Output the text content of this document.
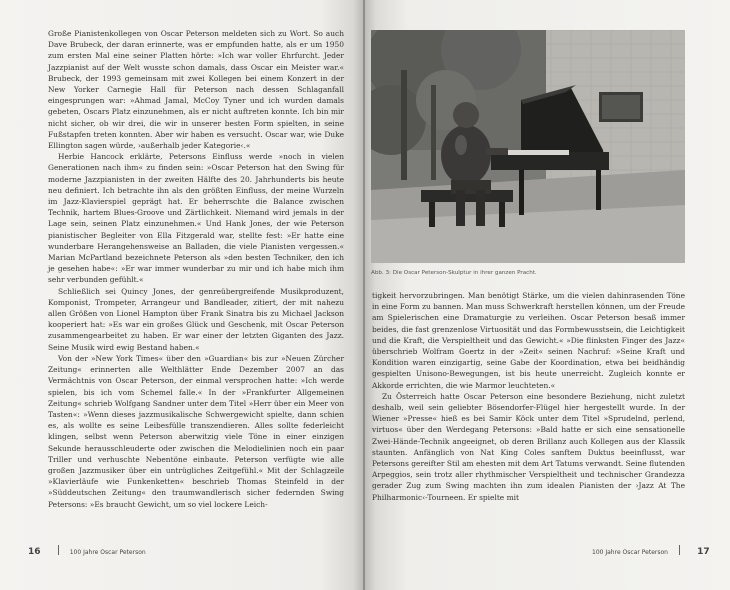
Große Pianistenkollegen von Oscar Peterson meldeten sich zu Wort. So auch Dave Brubeck, der daran erinnerte, was er empfunden hatte, als er um 1950 zum ersten Mal eine seiner Platten hörte: »Ich war voller Ehrfurcht. Jeder Jazzpianist auf der Welt wusste schon damals, dass Oscar ein Meister war.« Brubeck, der 1993 gemeinsam mit zwei Kollegen bei einem Konzert in der New Yorker Carnegie Hall für Peterson nach dessen Schlaganfall eingesprungen war: »Ahmad Jamal, McCoy Tyner und ich wurden damals gebeten, Oscars Platz einzunehmen, als er nicht auftreten konnte. Ich bin mir nicht sicher, ob wir drei, die wir in unserer besten Form spielten, in seine Fußstapfen treten konnten. Aber wir haben es versucht. Oscar war, wie Duke Ellington sagen würde, ›außerhalb jeder Kategorie‹.«

Herbie Hancock erklärte, Petersons Einfluss werde »noch in vielen Generationen nach ihm« zu finden sein: »Oscar Peterson hat den Swing für moderne Jazzpianisten in der zweiten Hälfte des 20. Jahrhunderts bis heute neu definiert. Ich betrachte ihn als den größten Einfluss, der meine Wurzeln im Jazz-Klavierspiel geprägt hat. Er beherrschte die Balance zwischen Technik, hartem Blues-Groove und Zärtlichkeit. Niemand wird jemals in der Lage sein, seinen Platz einzunehmen.« Und Hank Jones, der wie Peterson pianistischer Begleiter von Ella Fitzgerald war, stellte fest: »Er hatte eine wunderbare Herangehensweise an Balladen, die viele Pianisten vergessen.« Marian McPartland bezeichnete Peterson als »den besten Techniker, den ich je gesehen habe«: »Er war immer wunderbar zu mir und ich habe mich ihm sehr verbunden gefühlt.«

Schließlich sei Quincy Jones, der genreübergreifende Musikproduzent, Komponist, Trompeter, Arrangeur und Bandleader, zitiert, der mit nahezu allen Größen von Lionel Hampton über Frank Sinatra bis zu Michael Jackson kooperiert hat: »Es war ein großes Glück und Geschenk, mit Oscar Peterson zusammengearbeitet zu haben. Er war einer der letzten Giganten des Jazz. Seine Musik wird ewig Bestand haben.«

Von der »New York Times« über den »Guardian« bis zur »Neuen Zürcher Zeitung« erinnerten alle Welthlätter Ende Dezember 2007 an das Vermächtnis von Oscar Peterson, der einmal versprochen hatte: »Ich werde spielen, bis ich vom Schemel falle.« In der »Frankfurter Allgemeinen Zeitung« schrieb Wolfgang Sandner unter dem Titel »Herr über ein Meer von Tasten«: »Wenn dieses jazzmusikalische Schwergewicht spielte, dann schien es, als wollte es seine Leibesfülle transzendieren. Alles sollte federleicht klingen, selbst wenn Peterson aberwitzig viele Töne in einer einzigen Sekunde herausschleuderte oder zwischen die Melodielinien noch ein paar Triller und verhuschte Nebentöne einbaute. Peterson verfügte wie alle großen Jazzmusiker über ein untrügliches Zeitgefühl.« Mit der Schlagzeile »Klavierläufe wie Funkenketten« beschrieb Thomas Steinfeld in der »Süddeutschen Zeitung« den traumwandlerisch sicher federnden Swing Petersons: »Es braucht Gewicht, um so viel lockere Leich-

16	100 Jahre Oscar Peterson
Abb. 3: Die Oscar Peterson-Skulptur in ihrer ganzen Pracht.

tigkeit hervorzubringen. Man benötigt Stärke, um die vielen dahinrasenden Töne in eine Form zu bannen. Man muss Schwerkraft herstellen können, um der Freude am Spielerischen eine Dramaturgie zu verleihen. Oscar Peterson besaß immer beides, die fast grenzenlose Virtuosität und das Formbewusstsein, die Leichtigkeit und die Kraft, die Verspieltheit und das Gewicht.« »Die flinksten Finger des Jazz« überschrieb Wolfram Goertz in der »Zeit« seinen Nachruf: »Seine Kraft und Kondition waren einzigartig, seine Gabe der Koordination, etwa bei beidhändig gespielten Unisono-Bewegungen, ist bis heute unerreicht. Zugleich konnte er Akkorde errichten, die wie Marmor leuchteten.«

Zu Österreich hatte Oscar Peterson eine besondere Beziehung, nicht zuletzt deshalb, weil sein geliebter Bösendorfer-Flügel hier hergestellt wurde. In der Wiener »Presse« hieß es bei Samir Köck unter dem Titel »Sprudelnd, perlend, virtuos« über den Werdegang Petersons: »Bald hatte er sich eine sensationelle Zwei-Hände-Technik angeeignet, ob deren Brillanz auch Kollegen aus der Klassik staunten. Anfänglich von Nat King Coles sanftem Duktus beeinflusst, war Petersons gereifter Stil am ehesten mit dem Art Tatums verwandt. Seine flutenden Arpeggios, sein trotz aller rhythmischer Verspieltheit und technischer Grandezza gerader Zug zum Swing machten ihn zum idealen Pianisten der ›Jazz At The Philharmonic‹-Tourneen. Er spielte mit

100 Jahre Oscar Peterson	17
